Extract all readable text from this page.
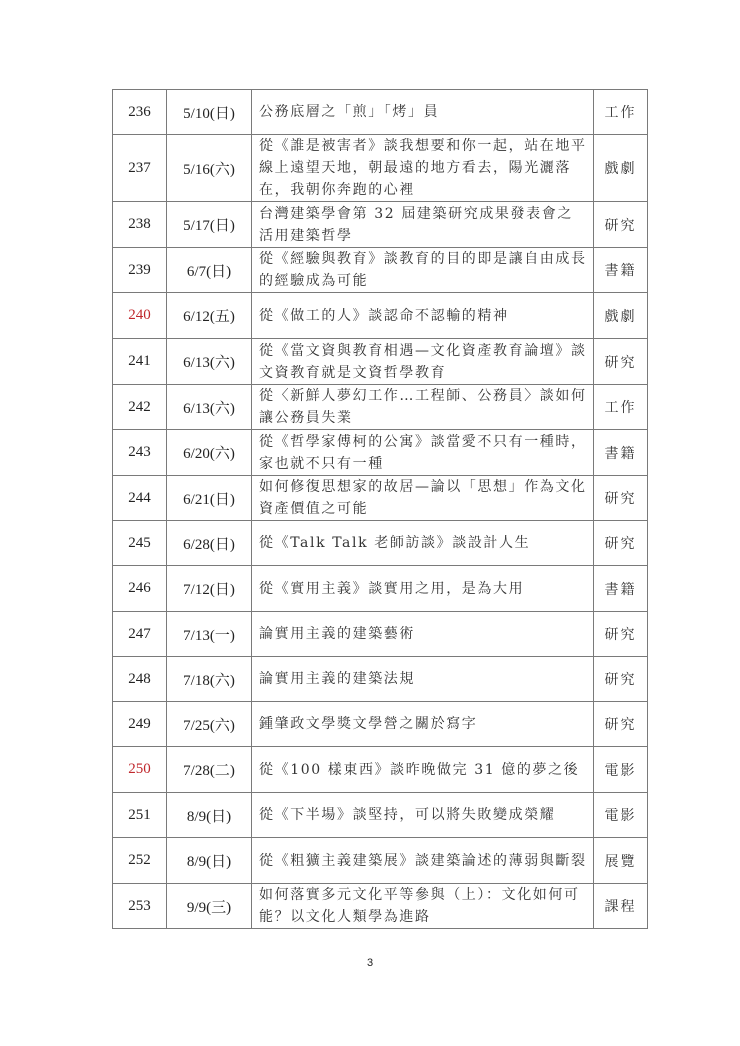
236	5/10(日)	公務底層之「煎」「烤」員	工作
237	5/16(六)	從《誰是被害者》談我想要和你一起，站在地平線上遠望天地，朝最遠的地方看去，陽光灑落在，我朝你奔跑的心裡	戲劇
238	5/17(日)	台灣建築學會第 32 屆建築研究成果發表會之活用建築哲學	研究
239	6/7(日)	從《經驗與教育》談教育的目的即是讓自由成長的經驗成為可能	書籍
240	6/12(五)	從《做工的人》談認命不認輸的精神	戲劇
241	6/13(六)	從《當文資與教育相遇—文化資產教育論壇》談文資教育就是文資哲學教育	研究
242	6/13(六)	從〈新鮮人夢幻工作…工程師、公務員〉談如何讓公務員失業	工作
243	6/20(六)	從《哲學家傅柯的公寓》談當愛不只有一種時，家也就不只有一種	書籍
244	6/21(日)	如何修復思想家的故居—論以「思想」作為文化資產價值之可能	研究
245	6/28(日)	從《Talk Talk 老師訪談》談設計人生	研究
246	7/12(日)	從《實用主義》談實用之用，是為大用	書籍
247	7/13(一)	論實用主義的建築藝術	研究
248	7/18(六)	論實用主義的建築法規	研究
249	7/25(六)	鍾肇政文學獎文學營之關於寫字	研究
250	7/28(二)	從《100 樣東西》談昨晚做完 31 億的夢之後	電影
251	8/9(日)	從《下半場》談堅持，可以將失敗變成榮耀	電影
252	8/9(日)	從《粗獷主義建築展》談建築論述的薄弱與斷裂	展覽
253	9/9(三)	如何落實多元文化平等參與（上）：文化如何可能？以文化人類學為進路	課程
3
